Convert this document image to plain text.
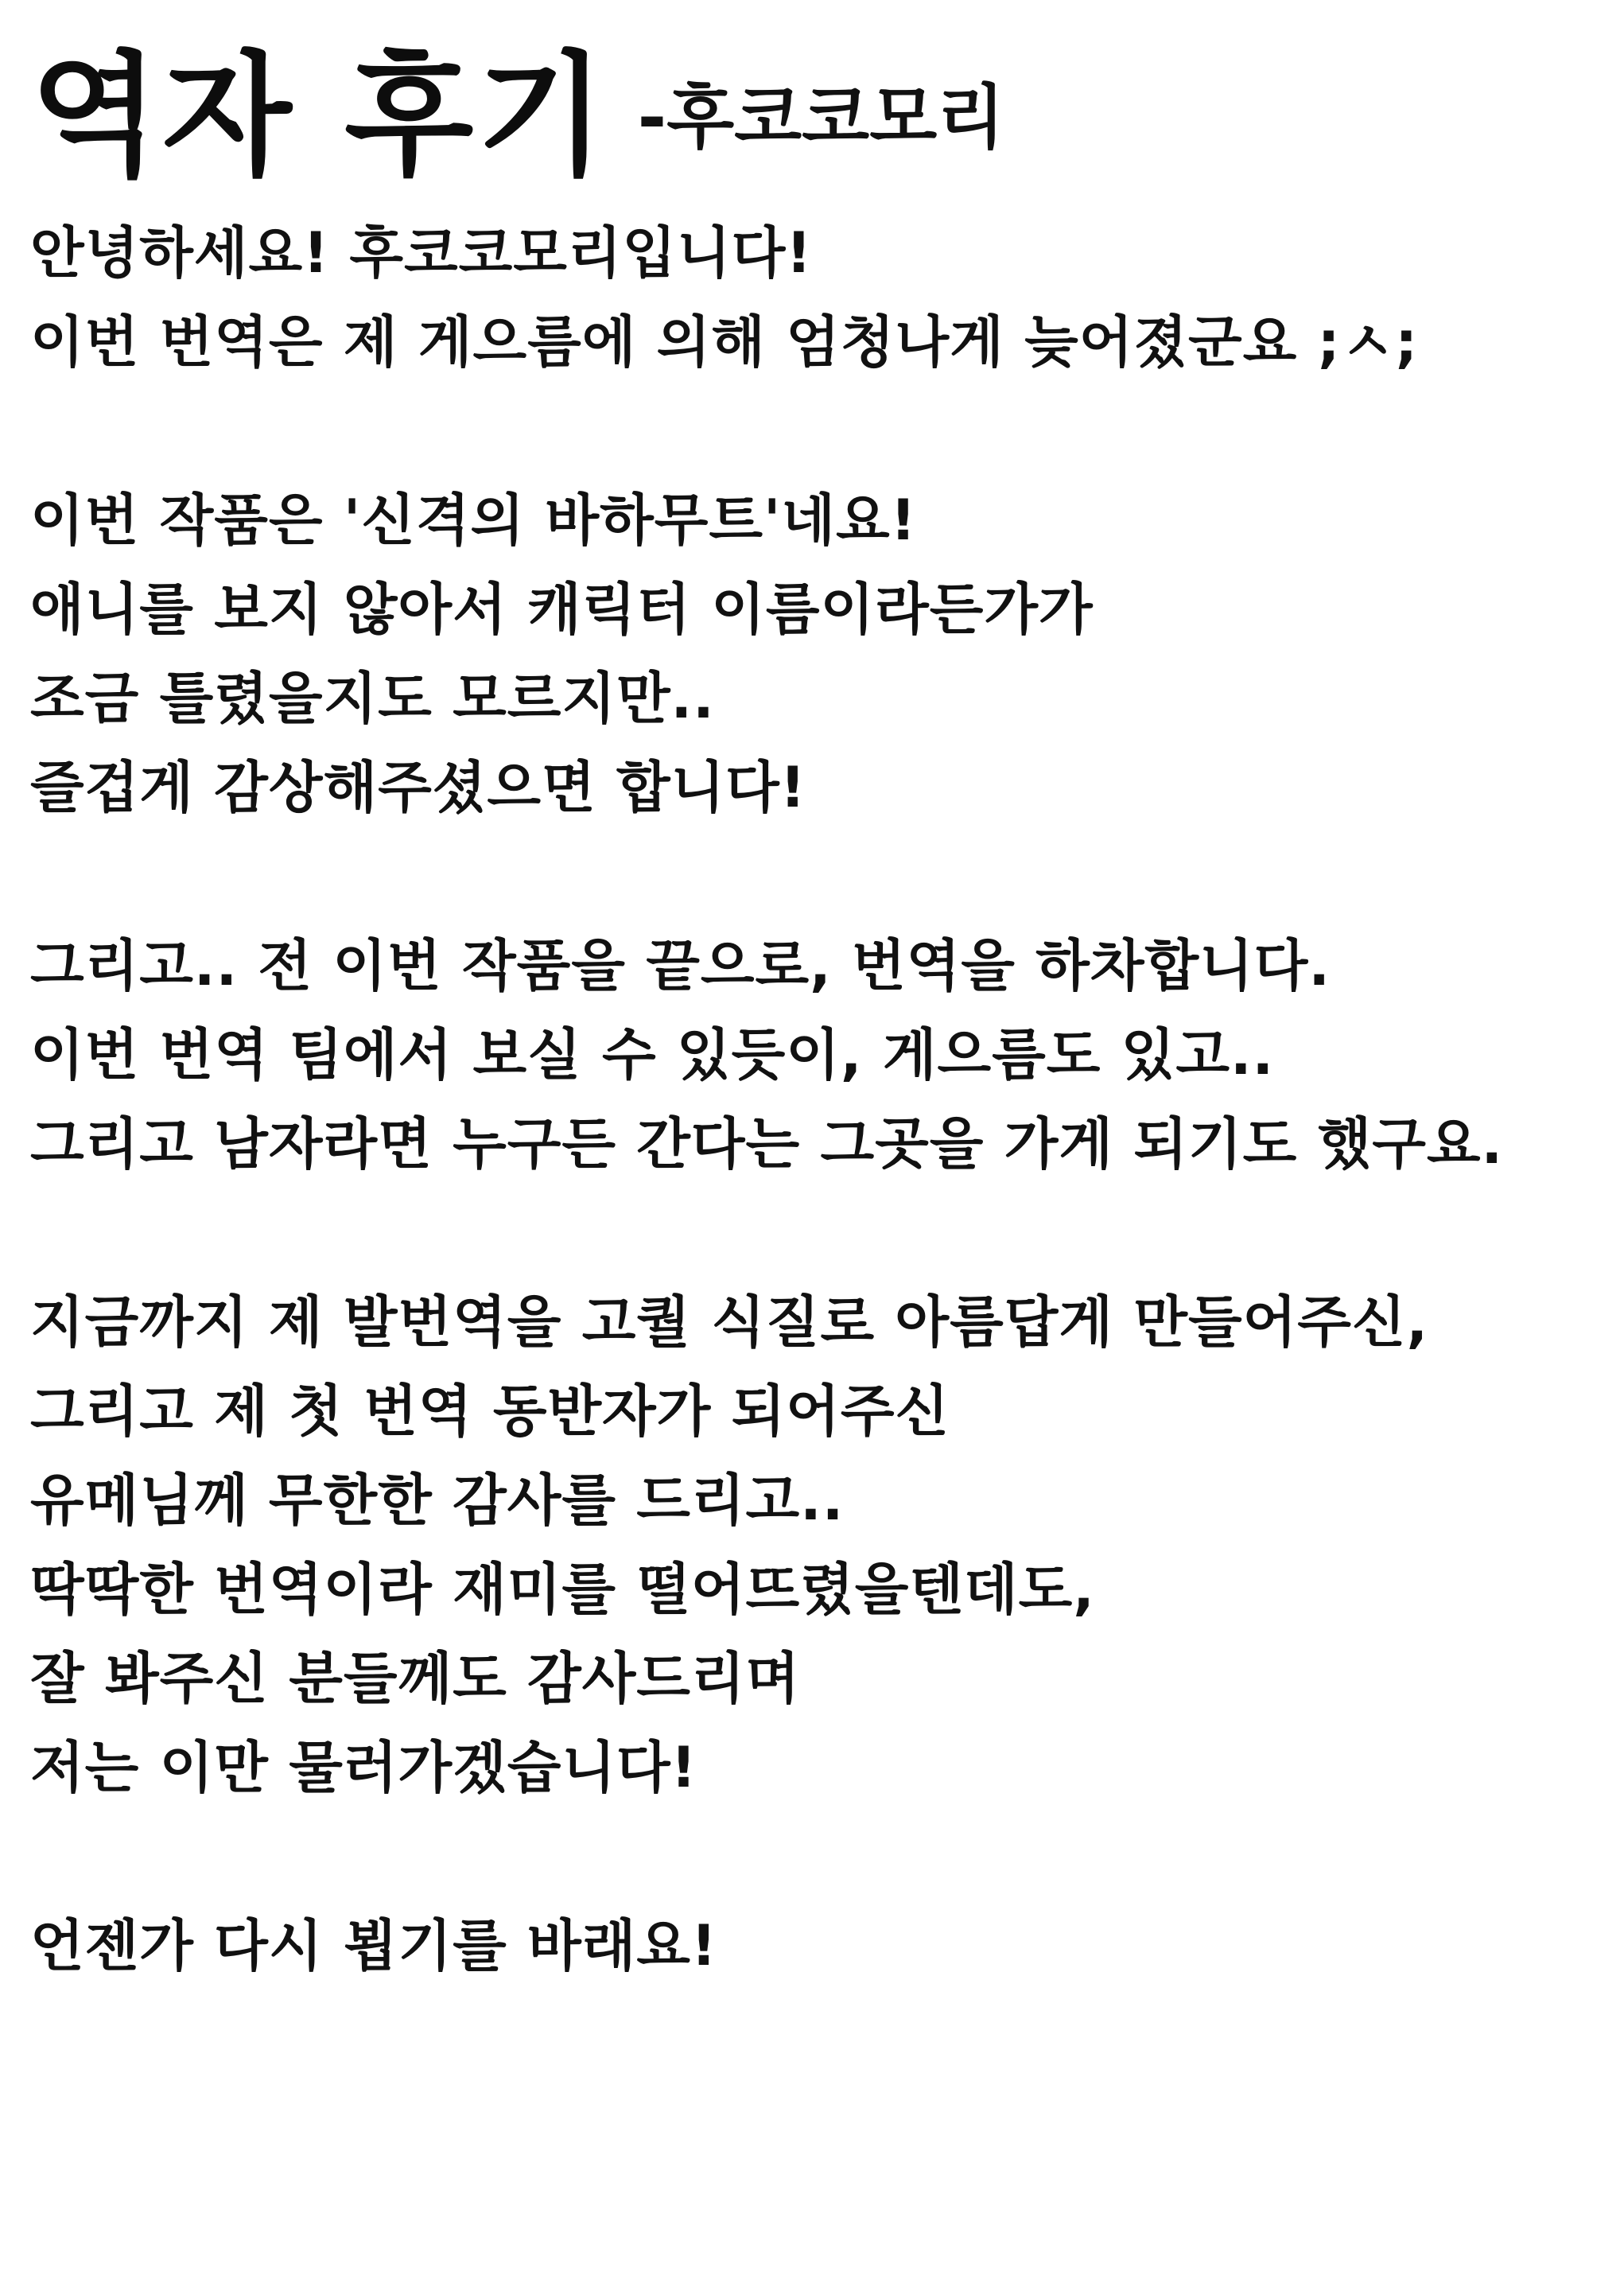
역자 후기 -후코코모리
안녕하세요! 후코코모리입니다!
이번 번역은 제 게으름에 의해 엄청나게 늦어졌군요 ;ㅅ;
이번 작품은 '신격의 바하무트'네요!
애니를 보지 않아서 캐릭터 이름이라든가가
조금 틀렸을지도 모르지만..
즐겁게 감상해주셨으면 합니다!
그리고.. 전 이번 작품을 끝으로, 번역을 하차합니다.
이번 번역 팀에서 보실 수 있듯이, 게으름도 있고..
그리고 남자라면 누구든 간다는 그곳을 가게 되기도 했구요.
지금까지 제 발번역을 고퀄 식질로 아름답게 만들어주신,
그리고 제 첫 번역 동반자가 되어주신
유메님께 무한한 감사를 드리고..
딱딱한 번역이라 재미를 떨어뜨렸을텐데도,
잘 봐주신 분들께도 감사드리며
저는 이만 물러가겠습니다!
언젠가 다시 뵙기를 바래요!
